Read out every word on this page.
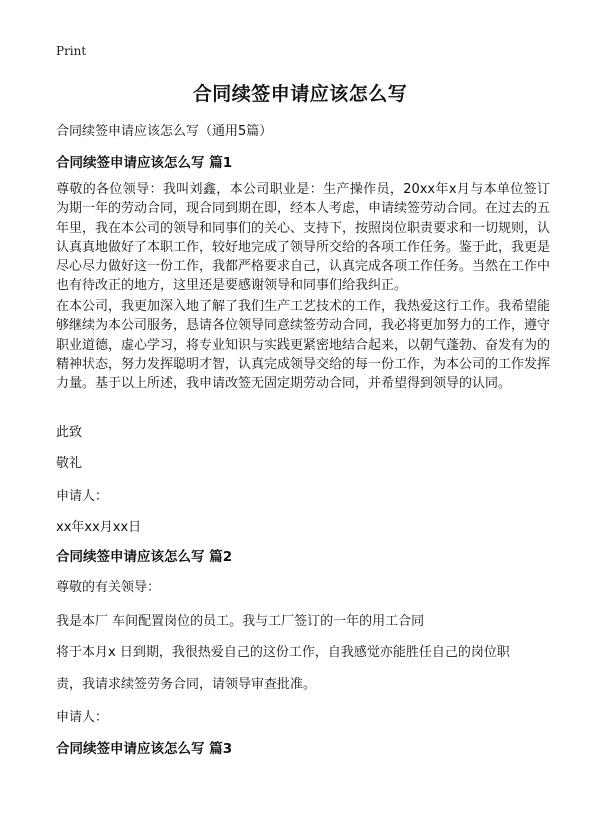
Print
合同续签申请应该怎么写
合同续签申请应该怎么写（通用5篇）
合同续签申请应该怎么写 篇1

尊敬的各位领导：我叫刘鑫，本公司职业是：生产操作员，20xx年x月与本单位签订为期一年的劳动合同，现合同到期在即，经本人考虑，申请续签劳动合同。在过去的五年里，我在本公司的领导和同事们的关心、支持下，按照岗位职责要求和一切规则，认认真真地做好了本职工作，较好地完成了领导所交给的各项工作任务。鉴于此，我更是尽心尽力做好这一份工作，我都严格要求自己，认真完成各项工作任务。当然在工作中也有待改正的地方，这里还是要感谢领导和同事们给我纠正。

在本公司，我更加深入地了解了我们生产工艺技术的工作，我热爱这行工作。我希望能够继续为本公司服务，恳请各位领导同意续签劳动合同，我必将更加努力的工作，遵守职业道德，虚心学习，将专业知识与实践更紧密地结合起来，以朝气蓬勃、奋发有为的精神状态，努力发挥聪明才智，认真完成领导交给的每一份工作，为本公司的工作发挥力量。基于以上所述，我申请改签无固定期劳动合同，并希望得到领导的认同。

此致
敬礼
申请人：
xx年xx月xx日
合同续签申请应该怎么写 篇2
尊敬的有关领导：
我是本厂 车间配置岗位的员工。我与工厂签订的一年的用工合同
将于本月x 日到期，我很热爱自己的这份工作，自我感觉亦能胜任自己的岗位职
责，我请求续签劳务合同，请领导审查批准。
申请人：
合同续签申请应该怎么写 篇3
